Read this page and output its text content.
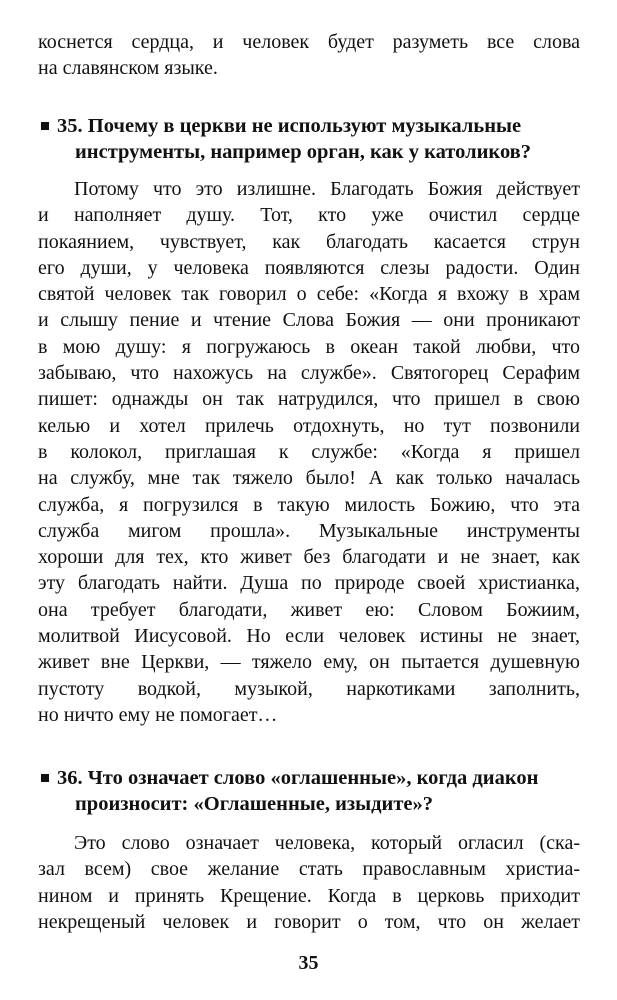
коснется сердца, и человек будет разуметь все слова
на славянском языке.
35. Почему в церкви не используют музыкальные
инструменты, например орган, как у католиков?
Потому что это излишне. Благодать Божия действует
и наполняет душу. Тот, кто уже очистил сердце
покаянием, чувствует, как благодать касается струн
его души, у человека появляются слезы радости. Один
святой человек так говорил о себе: «Когда я вхожу в храм
и слышу пение и чтение Слова Божия — они проникают
в мою душу: я погружаюсь в океан такой любви, что
забываю, что нахожусь на службе». Святогорец Серафим
пишет: однажды он так натрудился, что пришел в свою
келью и хотел прилечь отдохнуть, но тут позвонили
в колокол, приглашая к службе: «Когда я пришел
на службу, мне так тяжело было! А как только началась
служба, я погрузился в такую милость Божию, что эта
служба мигом прошла». Музыкальные инструменты
хороши для тех, кто живет без благодати и не знает, как
эту благодать найти. Душа по природе своей христианка,
она требует благодати, живет ею: Словом Божиим,
молитвой Иисусовой. Но если человек истины не знает,
живет вне Церкви, — тяжело ему, он пытается душевную
пустоту водкой, музыкой, наркотиками заполнить,
но ничто ему не помогает…
36. Что означает слово «оглашенные», когда диакон
произносит: «Оглашенные, изыдите»?
Это слово означает человека, который огласил (ска-
зал всем) свое желание стать православным христиа-
нином и принять Крещение. Когда в церковь приходит
некрещеный человек и говорит о том, что он желает
35
